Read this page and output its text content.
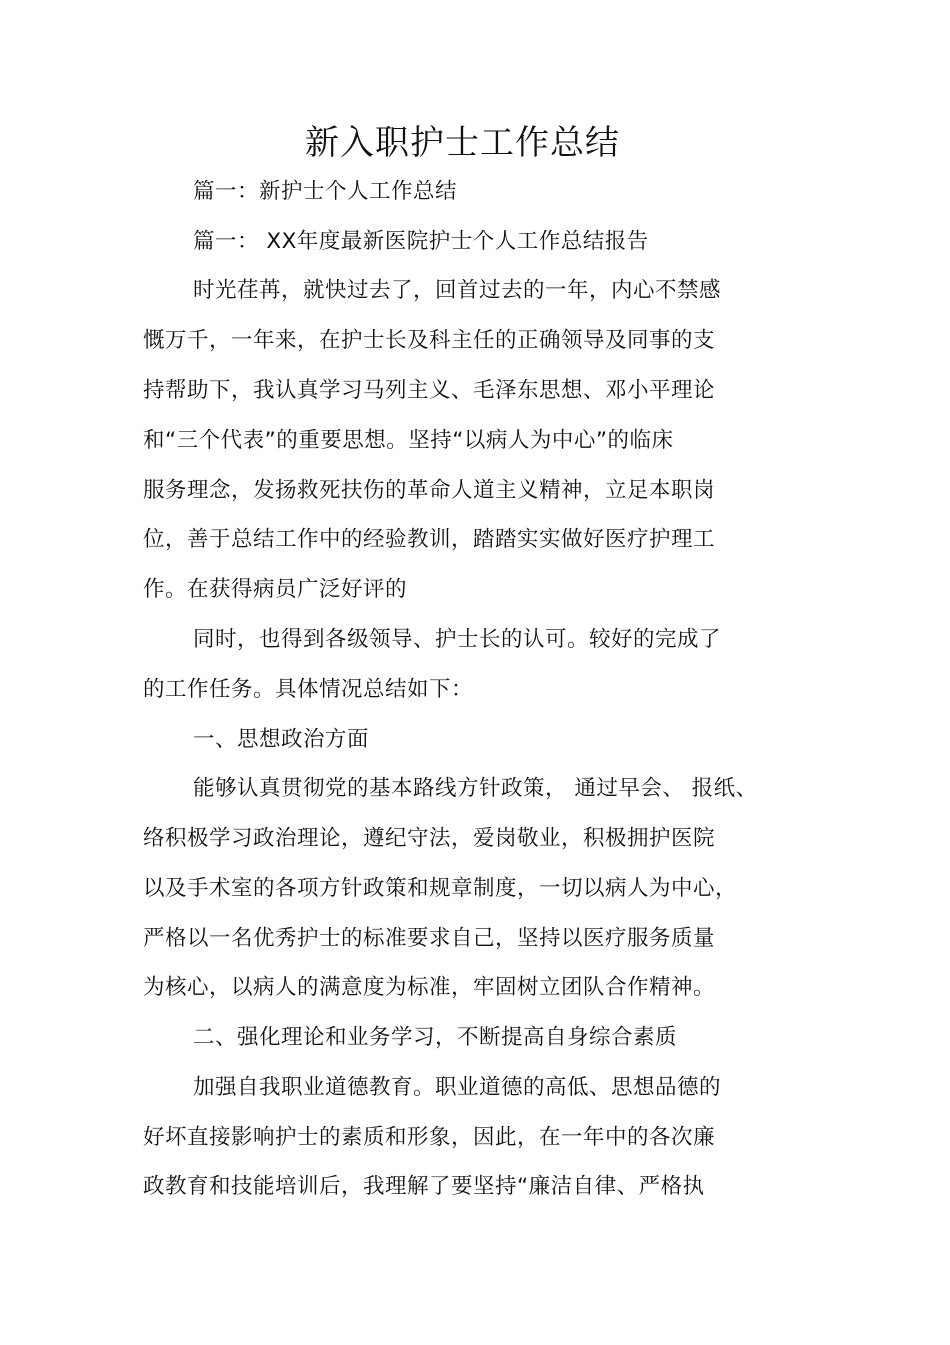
新入职护士工作总结
篇一：新护士个人工作总结
篇一： XX年度最新医院护士个人工作总结报告
时光荏苒，就快过去了，回首过去的一年，内心不禁感
慨万千，一年来，在护士长及科主任的正确领导及同事的支
持帮助下，我认真学习马列主义、毛泽东思想、邓小平理论
和“三个代表”的重要思想。坚持“以病人为中心”的临床
服务理念，发扬救死扶伤的革命人道主义精神，立足本职岗
位，善于总结工作中的经验教训，踏踏实实做好医疗护理工
作。在获得病员广泛好评的
同时，也得到各级领导、护士长的认可。较好的完成了
的工作任务。具体情况总结如下：
一、思想政治方面
能够认真贯彻党的基本路线方针政策， 通过早会、 报纸、
络积极学习政治理论，遵纪守法，爱岗敬业，积极拥护医院
以及手术室的各项方针政策和规章制度，一切以病人为中心，
严格以一名优秀护士的标准要求自己，坚持以医疗服务质量
为核心，以病人的满意度为标准，牢固树立团队合作精神。
二、强化理论和业务学习，不断提高自身综合素质
加强自我职业道德教育。职业道德的高低、思想品德的
好坏直接影响护士的素质和形象，因此，在一年中的各次廉
政教育和技能培训后，我理解了要坚持“廉洁自律、严格执
